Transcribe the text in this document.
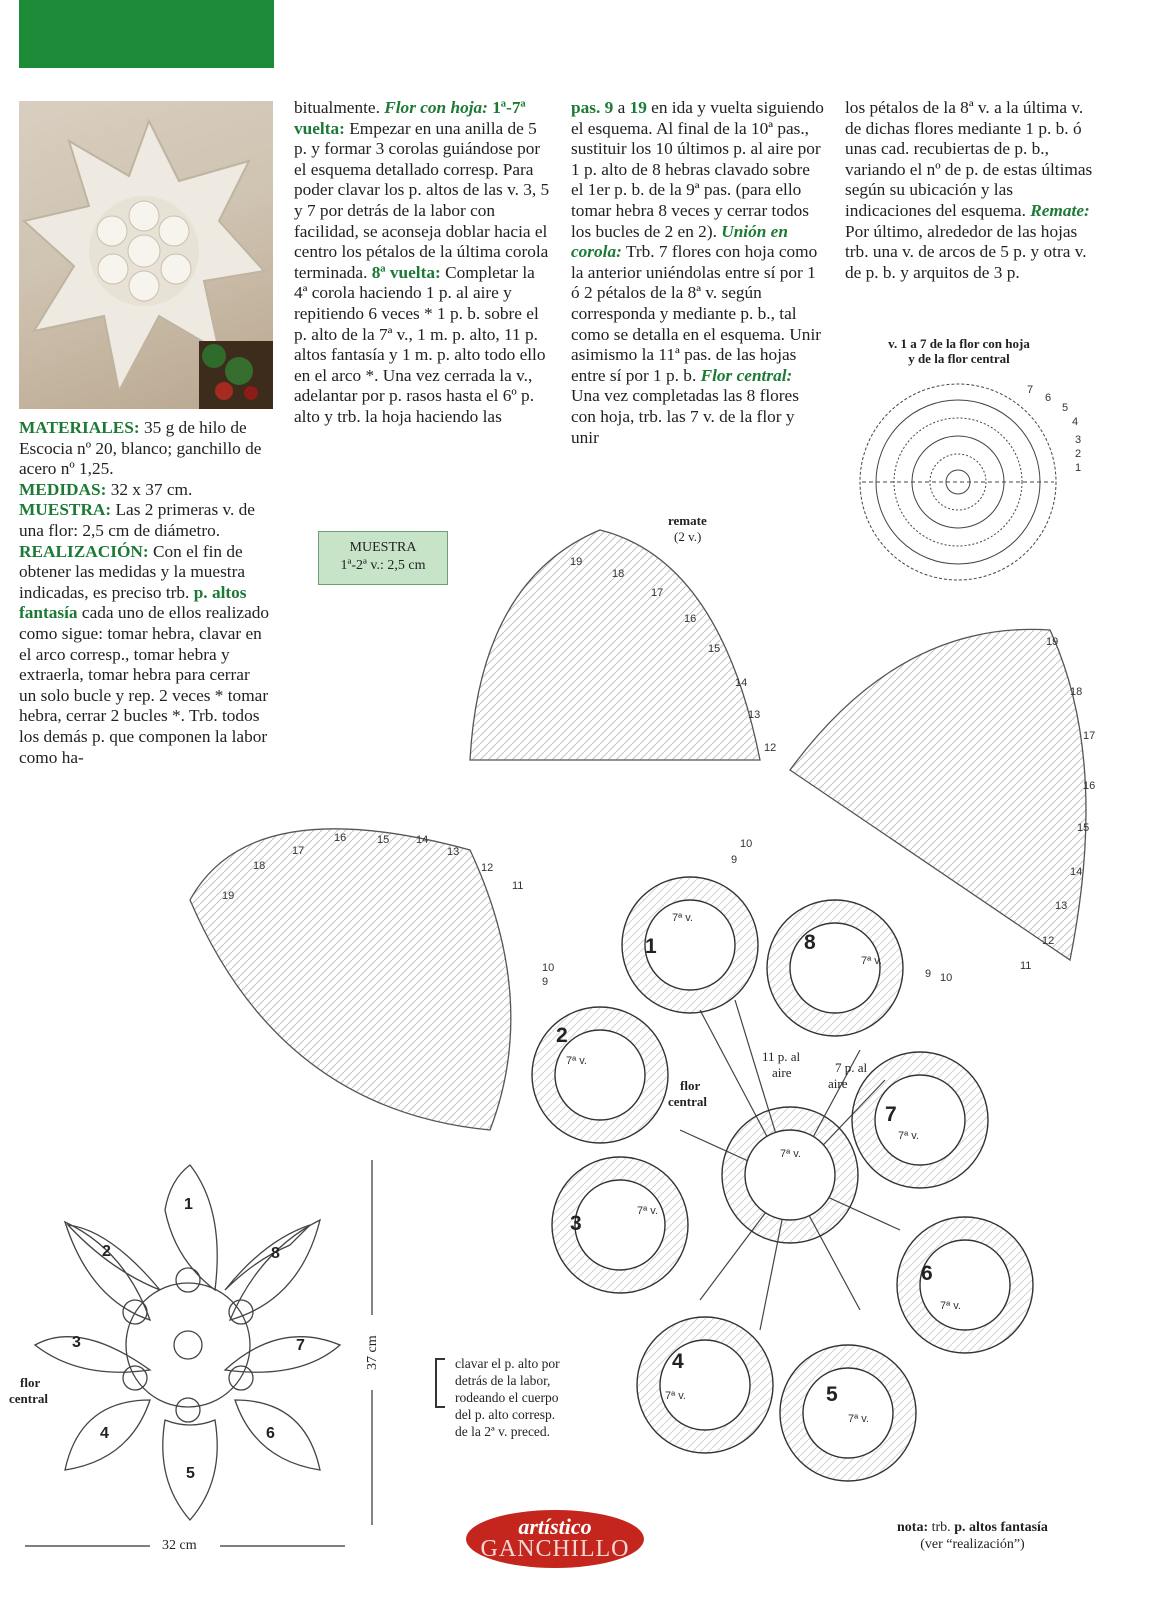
MATERIALES: 35 g de hilo de Escocia nº 20, blanco; ganchillo de acero nº 1,25.
MEDIDAS: 32 x 37 cm.
MUESTRA: Las 2 primeras v. de una flor: 2,5 cm de diámetro.
REALIZACIÓN: Con el fin de obtener las medidas y la muestra indicadas, es preciso trb. p. altos fantasía cada uno de ellos realizado como sigue: tomar hebra, clavar en el arco corresp., tomar hebra y extraerla, tomar hebra para cerrar un solo bucle y rep. 2 veces * tomar hebra, cerrar 2 bucles *. Trb. todos los demás p. que componen la labor como ha-

bitualmente. Flor con hoja: 1ª-7ª vuelta: Empezar en una anilla de 5 p. y formar 3 corolas guiándose por el esquema detallado corresp. Para poder clavar los p. altos de las v. 3, 5 y 7 por detrás de la labor con facilidad, se aconseja doblar hacia el centro los pétalos de la última corola terminada. 8ª vuelta: Completar la 4ª corola haciendo 1 p. al aire y repitiendo 6 veces * 1 p. b. sobre el p. alto de la 7ª v., 1 m. p. alto, 11 p. altos fantasía y 1 m. p. alto todo ello en el arco *. Una vez cerrada la v., adelantar por p. rasos hasta el 6º p. alto y trb. la hoja haciendo las

pas. 9 a 19 en ida y vuelta siguiendo el esquema. Al final de la 10ª pas., sustituir los 10 últimos p. al aire por 1 p. alto de 8 hebras clavado sobre el 1er p. b. de la 9ª pas. (para ello tomar hebra 8 veces y cerrar todos los bucles de 2 en 2). Unión en corola: Trb. 7 flores con hoja como la anterior uniéndolas entre sí por 1 ó 2 pétalos de la 8ª v. según corresponda y mediante p. b., tal como se detalla en el esquema. Unir asimismo la 11ª pas. de las hojas entre sí por 1 p. b. Flor central: Una vez completadas las 8 flores con hoja, trb. las 7 v. de la flor y unir

los pétalos de la 8ª v. a la última v. de dichas flores mediante 1 p. b. ó unas cad. recubiertas de p. b., variando el nº de p. de estas últimas según su ubicación y las indicaciones del esquema. Remate: Por último, alrededor de las hojas trb. una v. de arcos de 5 p. y otra v. de p. b. y arquitos de 3 p.

v. 1 a 7 de la flor con hoja
y de la flor central
MUESTRA
1ª-2ª v.: 2,5 cm
remate
(2 v.)
flor
central
11 p. al
aire	7 p. al
aire
1
2
3
4
5
6
7
8
7ª v.
7ª v.
7ª v.
7ª v.
7ª v.
7ª v.
7ª v.
7ª v.
7ª v.
19
18
17
16
15
14
13
12
10
9
19
18
17
16
15
14
13
12
11
9 10
19
18
17
16	15 14
13
12
11
10
9
7
6
5
4
3
2
1
1
2
3
4
5
6
7
8
flor
central
37 cm
32 cm
clavar el p. alto por
detrás de la labor,
rodeando el cuerpo
del p. alto corresp.
de la 2ª v. preced.
artístico
GANCHILLO
nota: trb. p. altos fantasía
(ver “realización”)
